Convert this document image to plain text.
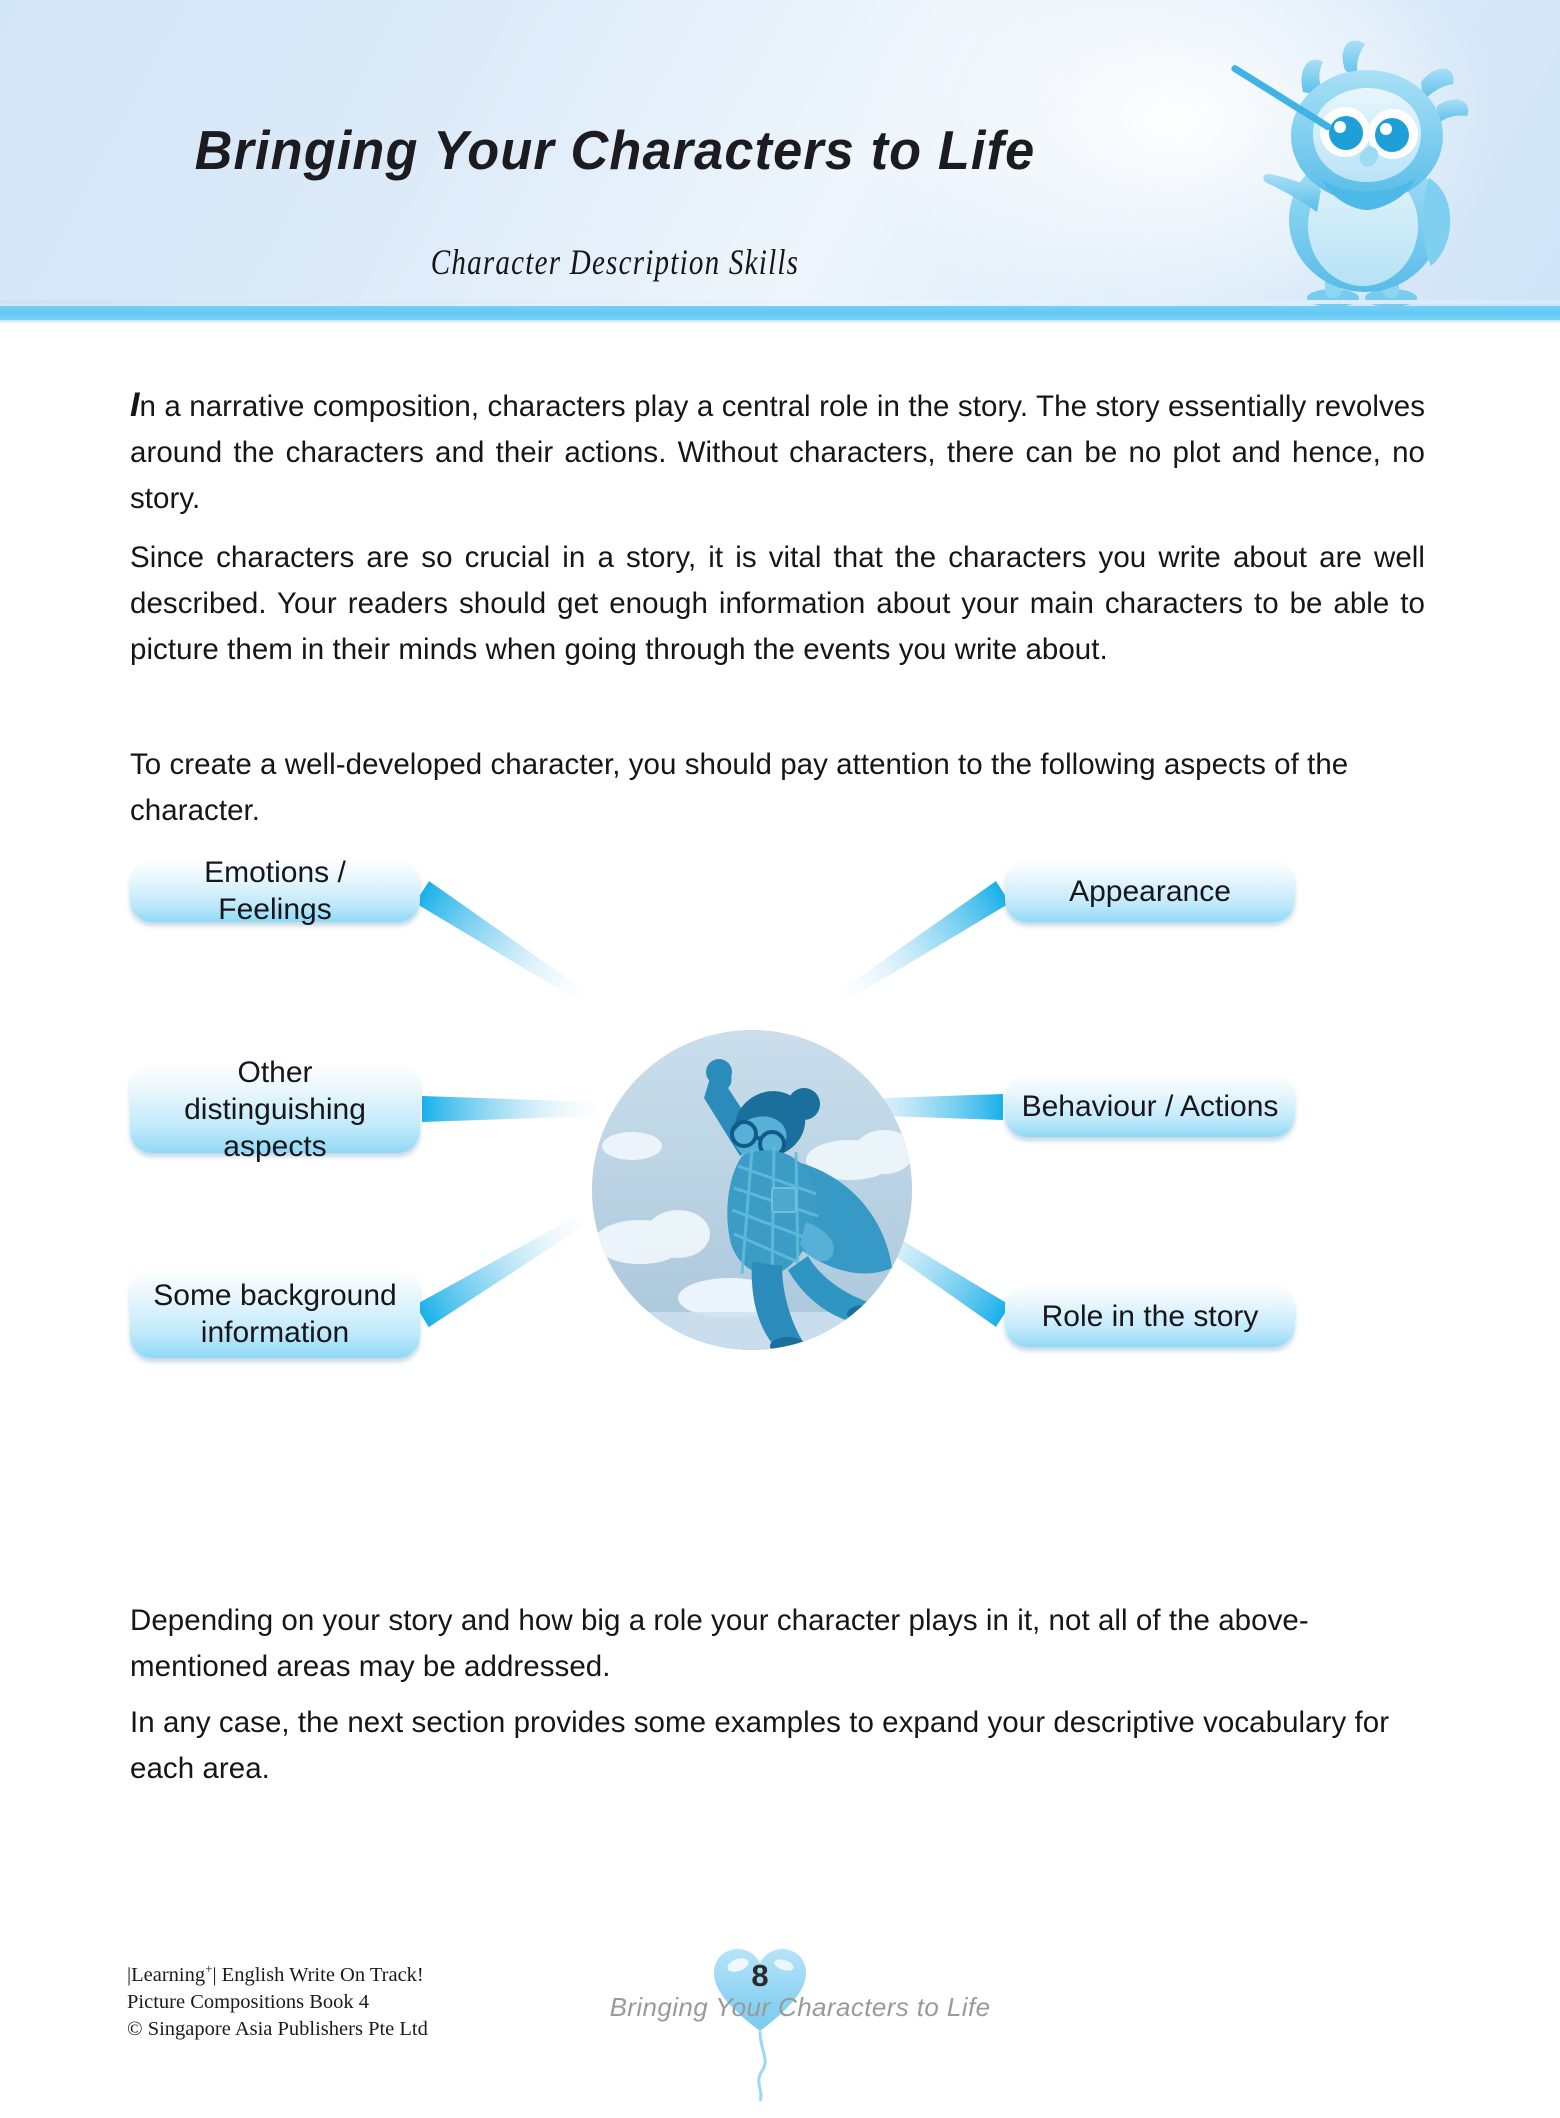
Bringing Your Characters to Life
Character Description Skills

In a narrative composition, characters play a central role in the story. The story essentially revolves around the characters and their actions. Without characters, there can be no plot and hence, no story.

Since characters are so crucial in a story, it is vital that the characters you write about are well described. Your readers should get enough information about your main characters to be able to picture them in their minds when going through the events you write about.

To create a well-developed character, you should pay attention to the following aspects of the character.

Depending on your story and how big a role your character plays in it, not all of the above-mentioned areas may be addressed.

In any case, the next section provides some examples to expand your descriptive vocabulary for each area.

Emotions / Feelings
Other distinguishing aspects
Some background information
Appearance
Behaviour / Actions
Role in the story
|Learning+| English Write On Track!
Picture Compositions Book 4
© Singapore Asia Publishers Pte Ltd
8
Bringing Your Characters to Life
